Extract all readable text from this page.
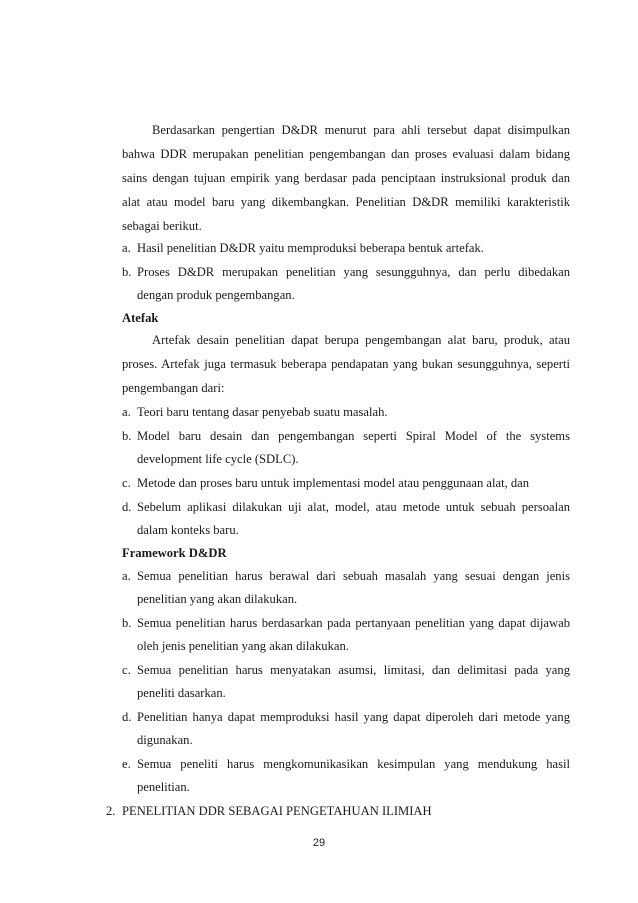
Berdasarkan pengertian D&DR menurut para ahli tersebut dapat disimpulkan
bahwa DDR merupakan penelitian pengembangan dan proses evaluasi dalam bidang
sains dengan tujuan empirik yang berdasar pada penciptaan instruksional produk dan
alat atau model baru yang dikembangkan. Penelitian D&DR memiliki karakteristik
sebagai berikut.
a. Hasil penelitian D&DR yaitu memproduksi beberapa bentuk artefak.
b. Proses D&DR merupakan penelitian yang sesungguhnya, dan perlu dibedakan
dengan produk pengembangan.
Atefak
Artefak desain penelitian dapat berupa pengembangan alat baru, produk, atau
proses. Artefak juga termasuk beberapa pendapatan yang bukan sesungguhnya, seperti
pengembangan dari:
a. Teori baru tentang dasar penyebab suatu masalah.
b. Model baru desain dan pengembangan seperti Spiral Model of the systems
development life cycle (SDLC).
c. Metode dan proses baru untuk implementasi model atau penggunaan alat, dan
d. Sebelum aplikasi dilakukan uji alat, model, atau metode untuk sebuah persoalan
dalam konteks baru.
Framework D&DR
a. Semua penelitian harus berawal dari sebuah masalah yang sesuai dengan jenis
penelitian yang akan dilakukan.
b. Semua penelitian harus berdasarkan pada pertanyaan penelitian yang dapat dijawab
oleh jenis penelitian yang akan dilakukan.
c. Semua penelitian harus menyatakan asumsi, limitasi, dan delimitasi pada yang
peneliti dasarkan.
d. Penelitian hanya dapat memproduksi hasil yang dapat diperoleh dari metode yang
digunakan.
e. Semua peneliti harus mengkomunikasikan kesimpulan yang mendukung hasil
penelitian.
2. PENELITIAN DDR SEBAGAI PENGETAHUAN ILIMIAH
29
